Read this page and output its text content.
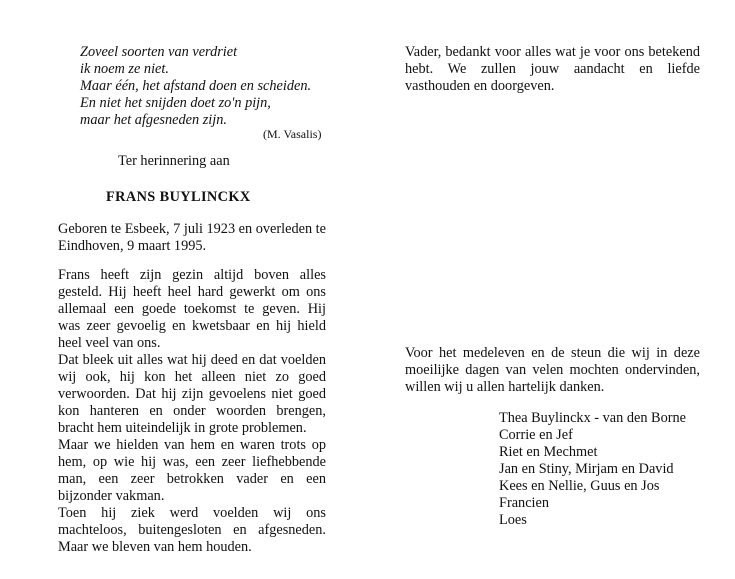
Zoveel soorten van verdriet
ik noem ze niet.
Maar één, het afstand doen en scheiden.
En niet het snijden doet zo'n pijn,
maar het afgesneden zijn.
(M. Vasalis)
Ter herinnering aan
FRANS BUYLINCKX
Geboren te Esbeek, 7 juli 1923 en overleden te Eindhoven, 9 maart 1995.
Frans heeft zijn gezin altijd boven alles gesteld. Hij heeft heel hard gewerkt om ons allemaal een goede toekomst te geven. Hij was zeer gevoelig en kwetsbaar en hij hield heel veel van ons.
Dat bleek uit alles wat hij deed en dat voelden wij ook, hij kon het alleen niet zo goed verwoorden. Dat hij zijn gevoelens niet goed kon hanteren en onder woorden brengen, bracht hem uiteindelijk in grote problemen.
Maar we hielden van hem en waren trots op hem, op wie hij was, een zeer liefhebbende man, een zeer betrokken vader en een bijzonder vakman.
Toen hij ziek werd voelden wij ons machteloos, buitengesloten en afgesneden. Maar we bleven van hem houden.
Vader, bedankt voor alles wat je voor ons betekend hebt. We zullen jouw aandacht en liefde vasthouden en doorgeven.
Voor het medeleven en de steun die wij in deze moeilijke dagen van velen mochten ondervinden, willen wij u allen hartelijk danken.
Thea Buylinckx - van den Borne
Corrie en Jef
Riet en Mechmet
Jan en Stiny, Mirjam en David
Kees en Nellie, Guus en Jos
Francien
Loes
